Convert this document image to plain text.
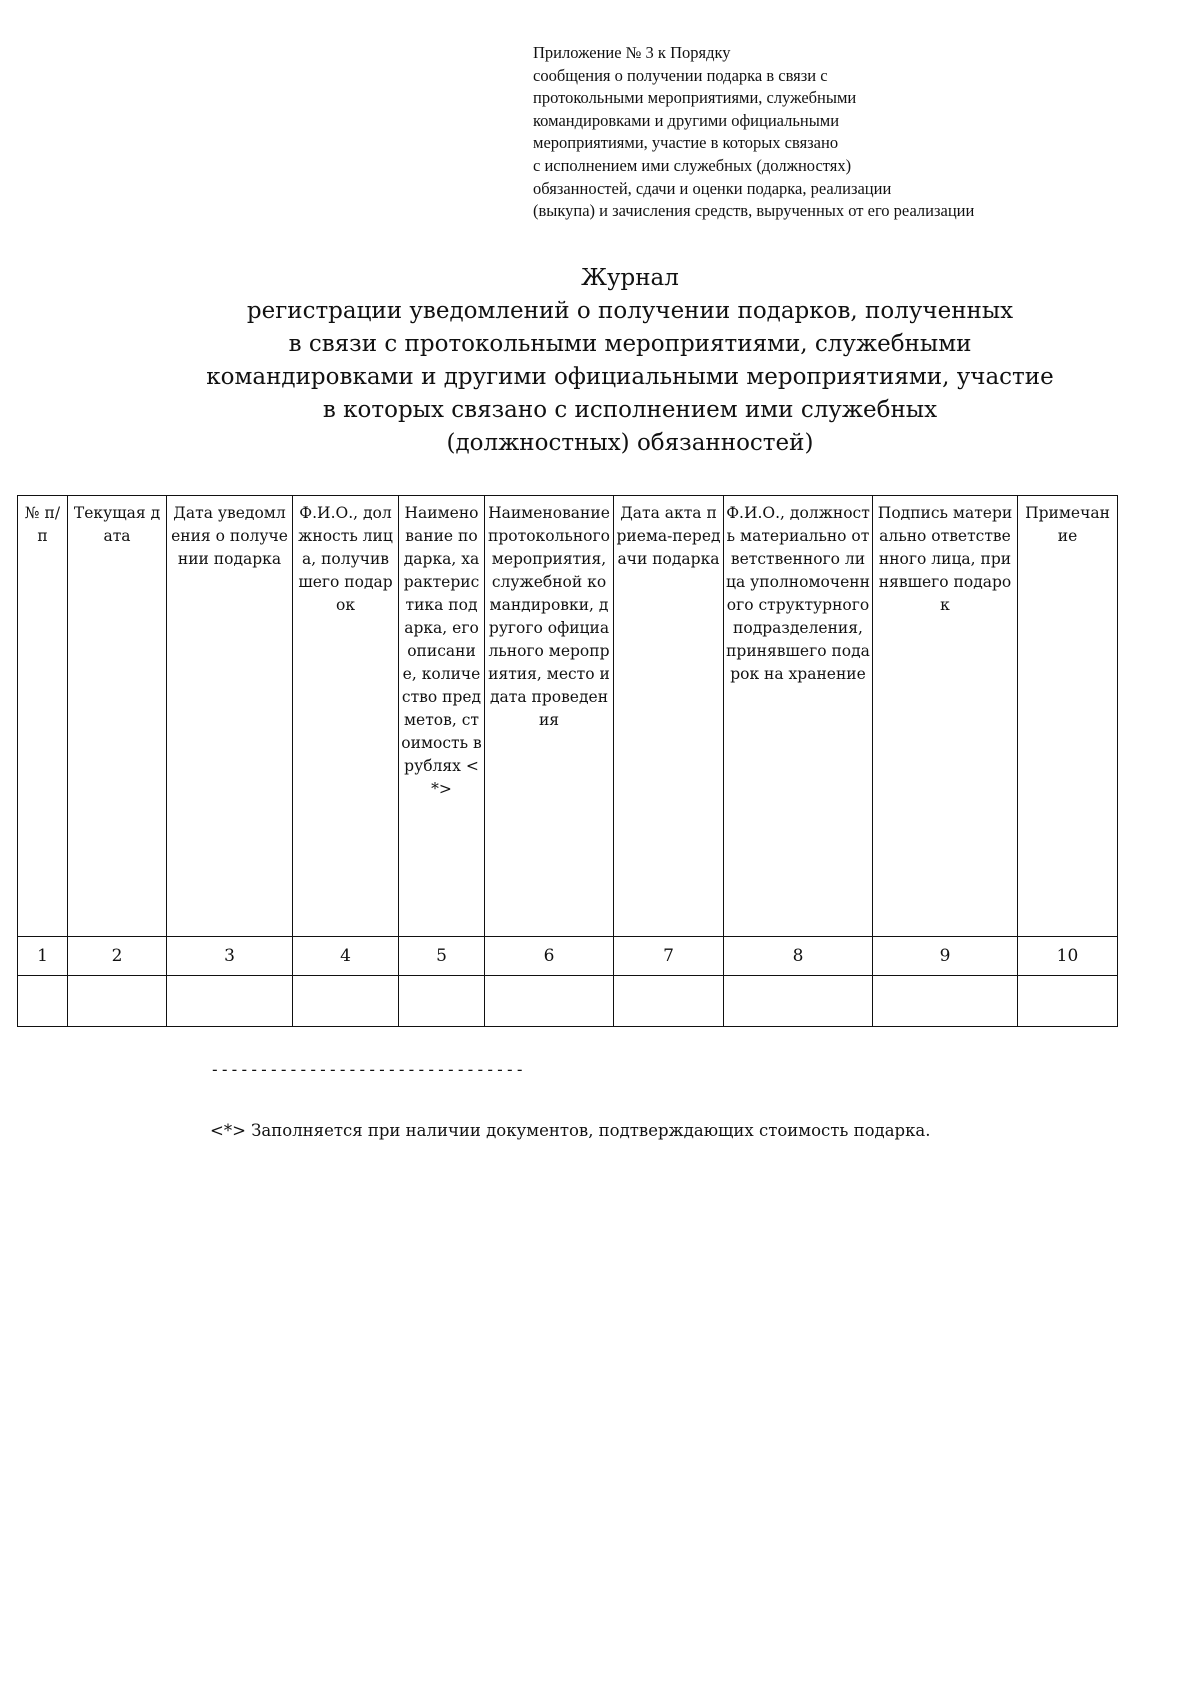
Приложение № 3 к Порядку
сообщения о получении подарка в связи с
протокольными мероприятиями, служебными
командировками и другими официальными
мероприятиями, участие в которых связано
с исполнением ими служебных (должностях)
обязанностей, сдачи и оценки подарка, реализации
(выкупа) и зачисления средств, вырученных от его реализации
Журнал
регистрации уведомлений о получении подарков, полученных
в связи с протокольными мероприятиями, служебными
командировками и другими официальными мероприятиями, участие
в которых связано с исполнением ими служебных
(должностных) обязанностей)
№ п/п	Текущая дата	Дата уведомления о получении подарка	Ф.И.О., должность лица, получившего подарок	Наименование подарка, характеристика подарка, его описание, количество предметов, стоимость в рублях <*>	Наименование протокольного мероприятия, служебной командировки, другого официального мероприятия, место и дата проведения	Дата акта приема-передачи подарка	Ф.И.О., должность материально ответственного лица уполномоченного структурного подразделения, принявшего подарок на хранение	Подпись материально ответственного лица, принявшего подарок	Примечание
1	2	3	4	5	6	7	8	9	10

--------------------------------
<*> Заполняется при наличии документов, подтверждающих стоимость подарка.
